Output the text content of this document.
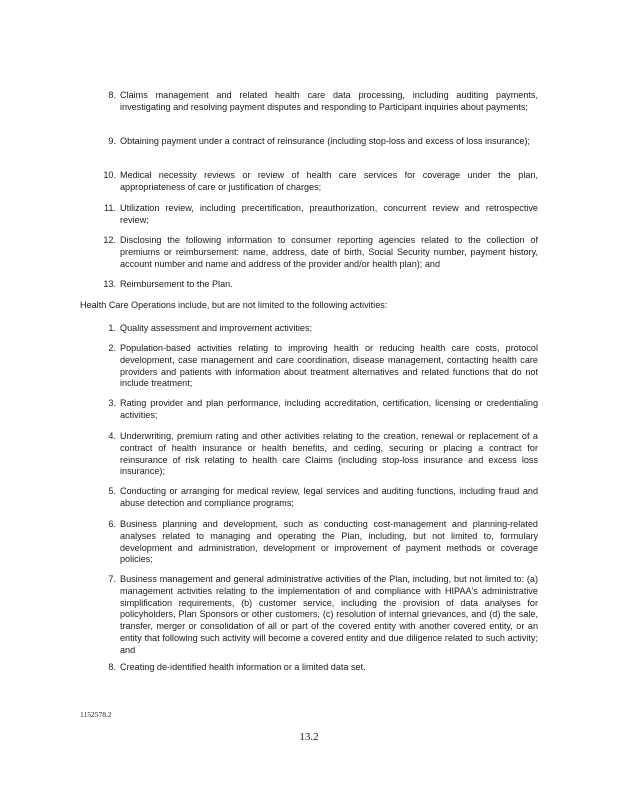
8. Claims management and related health care data processing, including auditing payments, investigating and resolving payment disputes and responding to Participant inquiries about payments;
9. Obtaining payment under a contract of reinsurance (including stop-loss and excess of loss insurance);
10. Medical necessity reviews or review of health care services for coverage under the plan, appropriateness of care or justification of charges;
11. Utilization review, including precertification, preauthorization, concurrent review and retrospective review;
12. Disclosing the following information to consumer reporting agencies related to the collection of premiums or reimbursement: name, address, date of birth, Social Security number, payment history, account number and name and address of the provider and/or health plan); and
13. Reimbursement to the Plan.
Health Care Operations include, but are not limited to the following activities:
1. Quality assessment and improvement activities;
2. Population-based activities relating to improving health or reducing health care costs, protocol development, case management and care coordination, disease management, contacting health care providers and patients with information about treatment alternatives and related functions that do not include treatment;
3. Rating provider and plan performance, including accreditation, certification, licensing or credentialing activities;
4. Underwriting, premium rating and other activities relating to the creation, renewal or replacement of a contract of health insurance or health benefits, and ceding, securing or placing a contract for reinsurance of risk relating to health care Claims (including stop-loss insurance and excess loss insurance);
5. Conducting or arranging for medical review, legal services and auditing functions, including fraud and abuse detection and compliance programs;
6. Business planning and development, such as conducting cost-management and planning-related analyses related to managing and operating the Plan, including, but not limited to, formulary development and administration, development or improvement of payment methods or coverage policies;
7. Business management and general administrative activities of the Plan, including, but not limited to: (a) management activities relating to the implementation of and compliance with HIPAA's administrative simplification requirements, (b) customer service, including the provision of data analyses for policyholders, Plan Sponsors or other customers, (c) resolution of internal grievances, and (d) the sale, transfer, merger or consolidation of all or part of the covered entity with another covered entity, or an entity that following such activity will become a covered entity and due diligence related to such activity; and
8. Creating de-identified health information or a limited data set.
1152578.2
13.2
